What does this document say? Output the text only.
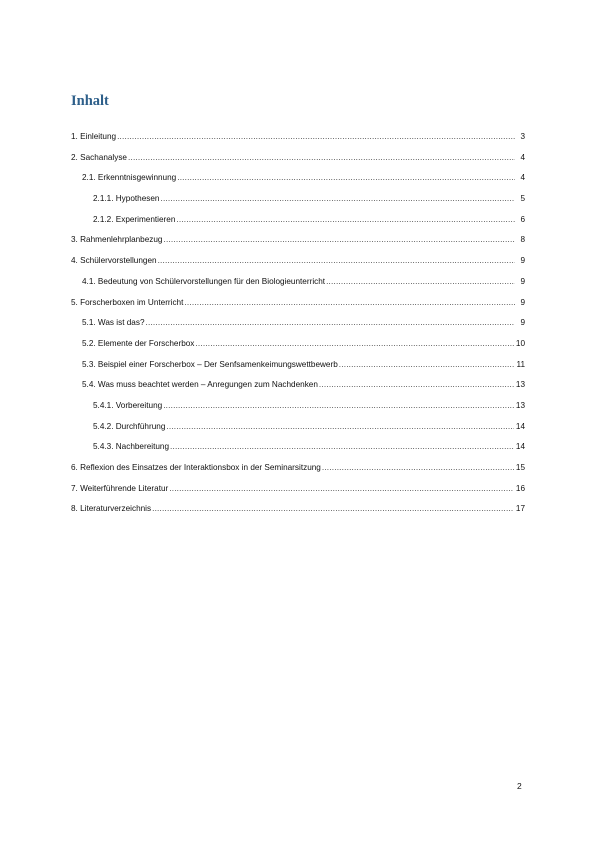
Inhalt
1. Einleitung .....	3
2. Sachanalyse .....	4
2.1. Erkenntnisgewinnung .....	4
2.1.1. Hypothesen .....	5
2.1.2. Experimentieren .....	6
3. Rahmenlehrplanbezug .....	8
4. Schülervorstellungen .....	9
4.1. Bedeutung von Schülervorstellungen für den Biologieunterricht .....	9
5. Forscherboxen im Unterricht .....	9
5.1. Was ist das? .....	9
5.2. Elemente der Forscherbox .....	10
5.3. Beispiel einer Forscherbox – Der Senfsamenkeimungswettbewerb .....	11
5.4. Was muss beachtet werden – Anregungen zum Nachdenken .....	13
5.4.1. Vorbereitung .....	13
5.4.2. Durchführung .....	14
5.4.3. Nachbereitung .....	14
6. Reflexion des Einsatzes der Interaktionsbox in der Seminarsitzung .....	15
7. Weiterführende Literatur .....	16
8. Literaturverzeichnis .....	17

2
